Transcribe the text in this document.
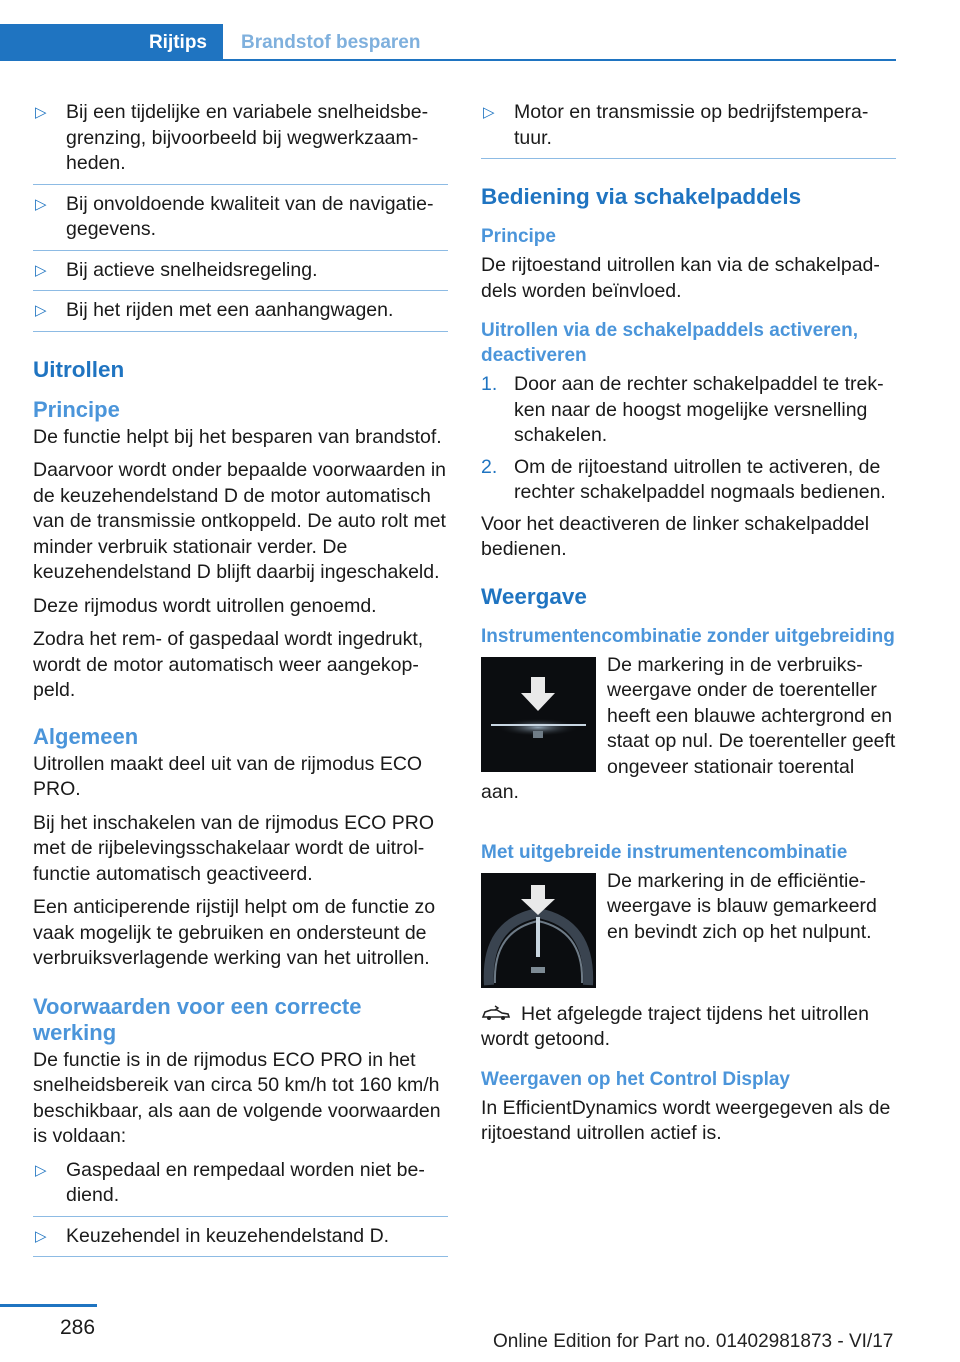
Rijtips	Brandstof besparen
▷ Bij een tijdelijke en variabele snelheidsbegrenzing, bijvoorbeeld bij wegwerkzaamheden.
▷ Bij onvoldoende kwaliteit van de navigatiegegevens.
▷ Bij actieve snelheidsregeling.
▷ Bij het rijden met een aanhangwagen.
Uitrollen
Principe

De functie helpt bij het besparen van brandstof.

Daarvoor wordt onder bepaalde voorwaarden in de keuzehendelstand D de motor automatisch van de transmissie ontkoppeld. De auto rolt met minder verbruik stationair verder. De keuzehendelstand D blijft daarbij ingeschakeld.

Deze rijmodus wordt uitrollen genoemd.

Zodra het rem- of gaspedaal wordt ingedrukt, wordt de motor automatisch weer aangekoppeld.

Algemeen

Uitrollen maakt deel uit van de rijmodus ECO PRO.

Bij het inschakelen van de rijmodus ECO PRO met de rijbelevingsschakelaar wordt de uitrolfunctie automatisch geactiveerd.

Een anticiperende rijstijl helpt om de functie zo vaak mogelijk te gebruiken en ondersteunt de verbruiksverlagende werking van het uitrollen.

Voorwaarden voor een correcte werking

De functie is in de rijmodus ECO PRO in het snelheidsbereik van circa 50 km/h tot 160 km/h beschikbaar, als aan de volgende voorwaarden is voldaan:

▷ Gaspedaal en rempedaal worden niet bediend.
▷ Keuzehendel in keuzehendelstand D.
▷ Motor en transmissie op bedrijfstemperatuur.
Bediening via schakelpaddels
Principe

De rijtoestand uitrollen kan via de schakelpaddels worden beïnvloed.

Uitrollen via de schakelpaddels activeren, deactiveren
1. Door aan de rechter schakelpaddel te trekken naar de hoogst mogelijke versnelling schakelen.
2. Om de rijtoestand uitrollen te activeren, de rechter schakelpaddel nogmaals bedienen.

Voor het deactiveren de linker schakelpaddel bedienen.

Weergave
Instrumentencombinatie zonder uitgebreiding

De markering in de verbruiksweergave onder de toerenteller heeft een blauwe achtergrond en staat op nul. De toerenteller geeft ongeveer stationair toerental aan.

Met uitgebreide instrumentencombinatie

De markering in de efficiëntieweergave is blauw gemarkeerd en bevindt zich op het nulpunt.

Het afgelegde traject tijdens het uitrollen wordt getoond.

Weergaven op het Control Display

In EfficientDynamics wordt weergegeven als de rijtoestand uitrollen actief is.

286
Online Edition for Part no. 01402981873 - VI/17
